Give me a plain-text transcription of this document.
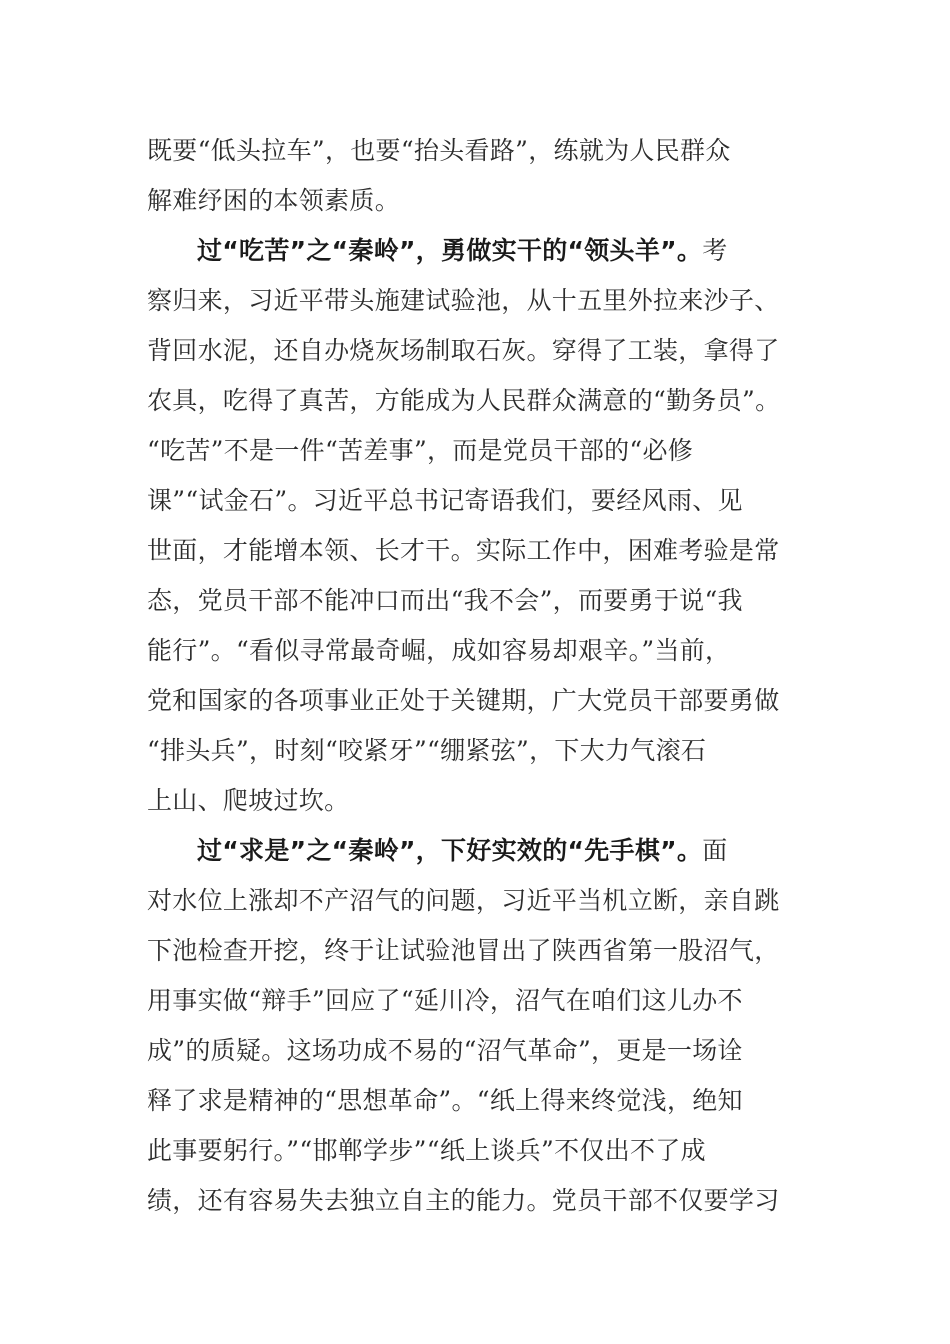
既要“低头拉车”，也要“抬头看路”，练就为人民群众
解难纾困的本领素质。
过“吃苦”之“秦岭”，勇做实干的“领头羊”。考
察归来，习近平带头施建试验池，从十五里外拉来沙子、
背回水泥，还自办烧灰场制取石灰。穿得了工装，拿得了
农具，吃得了真苦，方能成为人民群众满意的“勤务员”。
“吃苦”不是一件“苦差事”，而是党员干部的“必修
课”“试金石”。习近平总书记寄语我们，要经风雨、见
世面，才能增本领、长才干。实际工作中，困难考验是常
态，党员干部不能冲口而出“我不会”，而要勇于说“我
能行”。“看似寻常最奇崛，成如容易却艰辛。”当前，
党和国家的各项事业正处于关键期，广大党员干部要勇做
“排头兵”，时刻“咬紧牙”“绷紧弦”，下大力气滚石
上山、爬坡过坎。
过“求是”之“秦岭”，下好实效的“先手棋”。面
对水位上涨却不产沼气的问题，习近平当机立断，亲自跳
下池检查开挖，终于让试验池冒出了陕西省第一股沼气，
用事实做“辩手”回应了“延川冷，沼气在咱们这儿办不
成”的质疑。这场功成不易的“沼气革命”，更是一场诠
释了求是精神的“思想革命”。“纸上得来终觉浅，绝知
此事要躬行。”“邯郸学步”“纸上谈兵”不仅出不了成
绩，还有容易失去独立自主的能力。党员干部不仅要学习
